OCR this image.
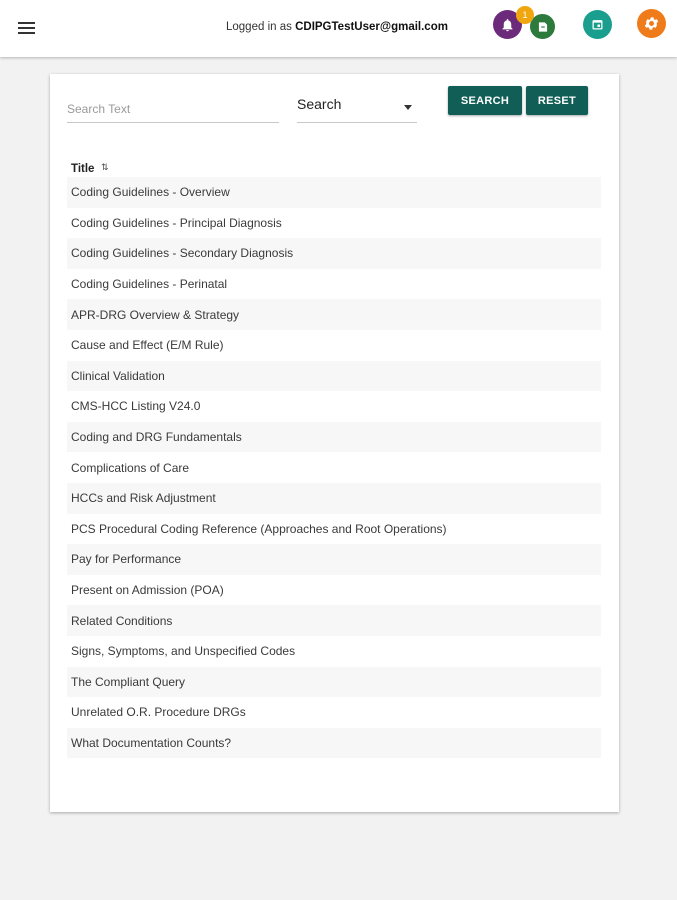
Logged in as CDIPGTestUser@gmail.com
1
Search Text
Search	SEARCH	RESET
Title ⇅
Coding Guidelines - Overview
Coding Guidelines - Principal Diagnosis
Coding Guidelines - Secondary Diagnosis
Coding Guidelines - Perinatal
APR-DRG Overview & Strategy
Cause and Effect (E/M Rule)
Clinical Validation
CMS-HCC Listing V24.0
Coding and DRG Fundamentals
Complications of Care
HCCs and Risk Adjustment
PCS Procedural Coding Reference (Approaches and Root Operations)
Pay for Performance
Present on Admission (POA)
Related Conditions
Signs, Symptoms, and Unspecified Codes
The Compliant Query
Unrelated O.R. Procedure DRGs
What Documentation Counts?
